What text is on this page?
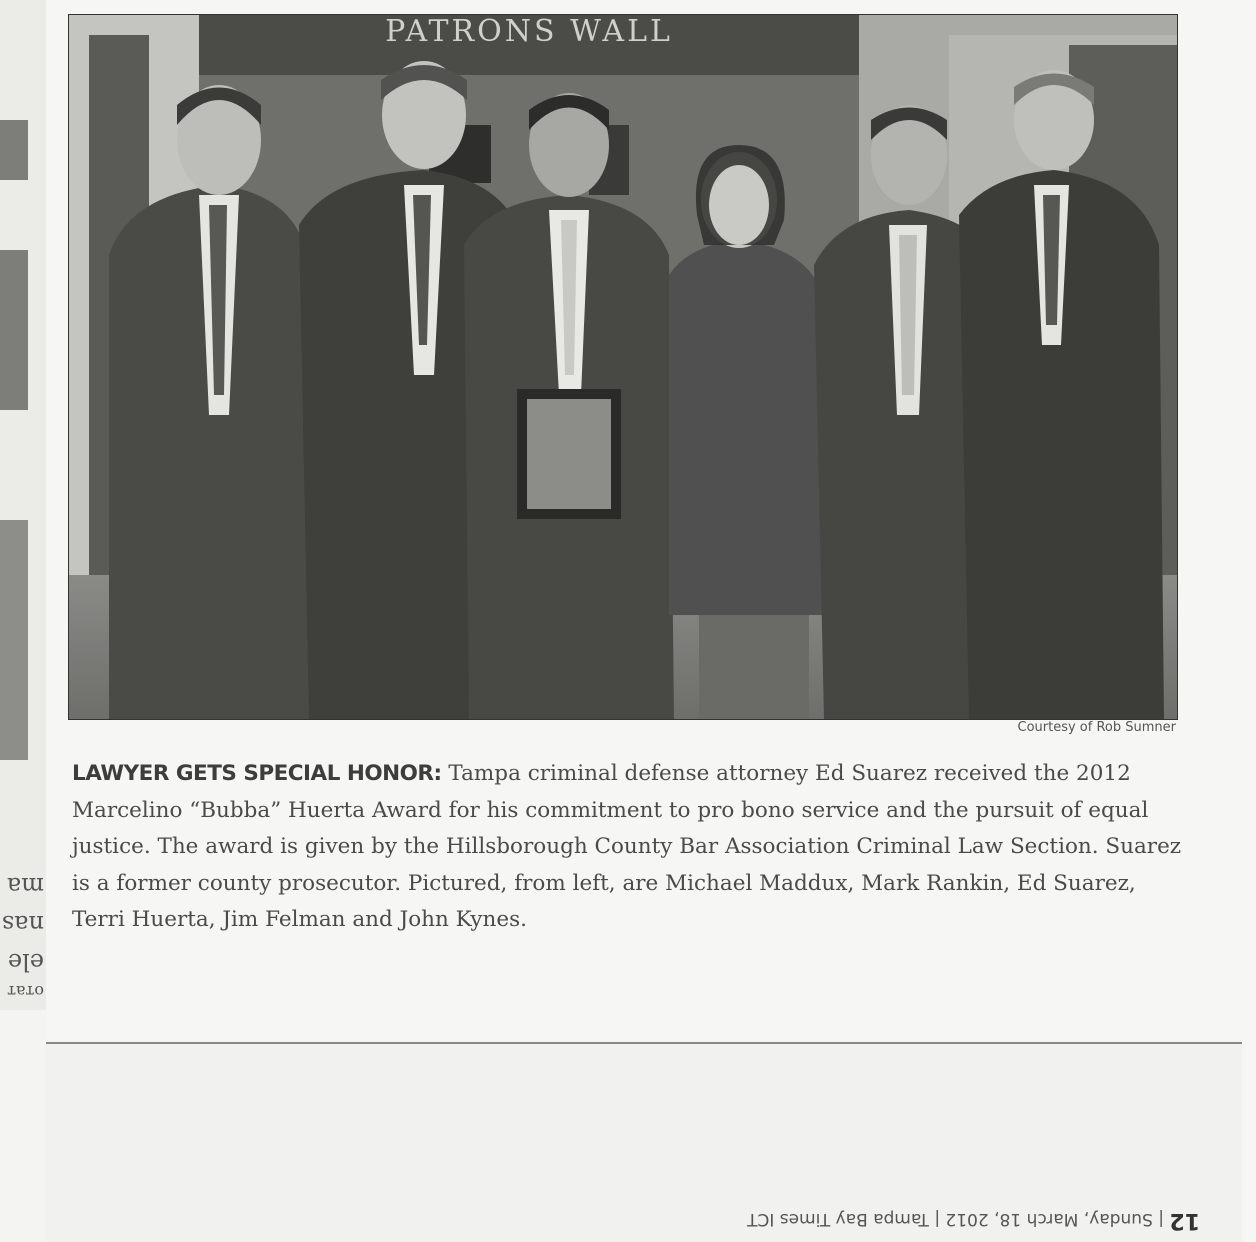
ma
nas
ele
отат
PATRONS WALL
Courtesy of Rob Sumner
LAWYER GETS SPECIAL HONOR: Tampa criminal defense attorney Ed Suarez received the 2012 Marcelino “Bubba” Huerta Award for his commitment to pro bono service and the pursuit of equal justice. The award is given by the Hillsborough County Bar Association Criminal Law Section. Suarez is a former county prosecutor. Pictured, from left, are Michael Maddux, Mark Rankin, Ed Suarez, Terri Huerta, Jim Felman and John Kynes.
12 | Sunday, March 18, 2012 | Tampa Bay Times ICT
